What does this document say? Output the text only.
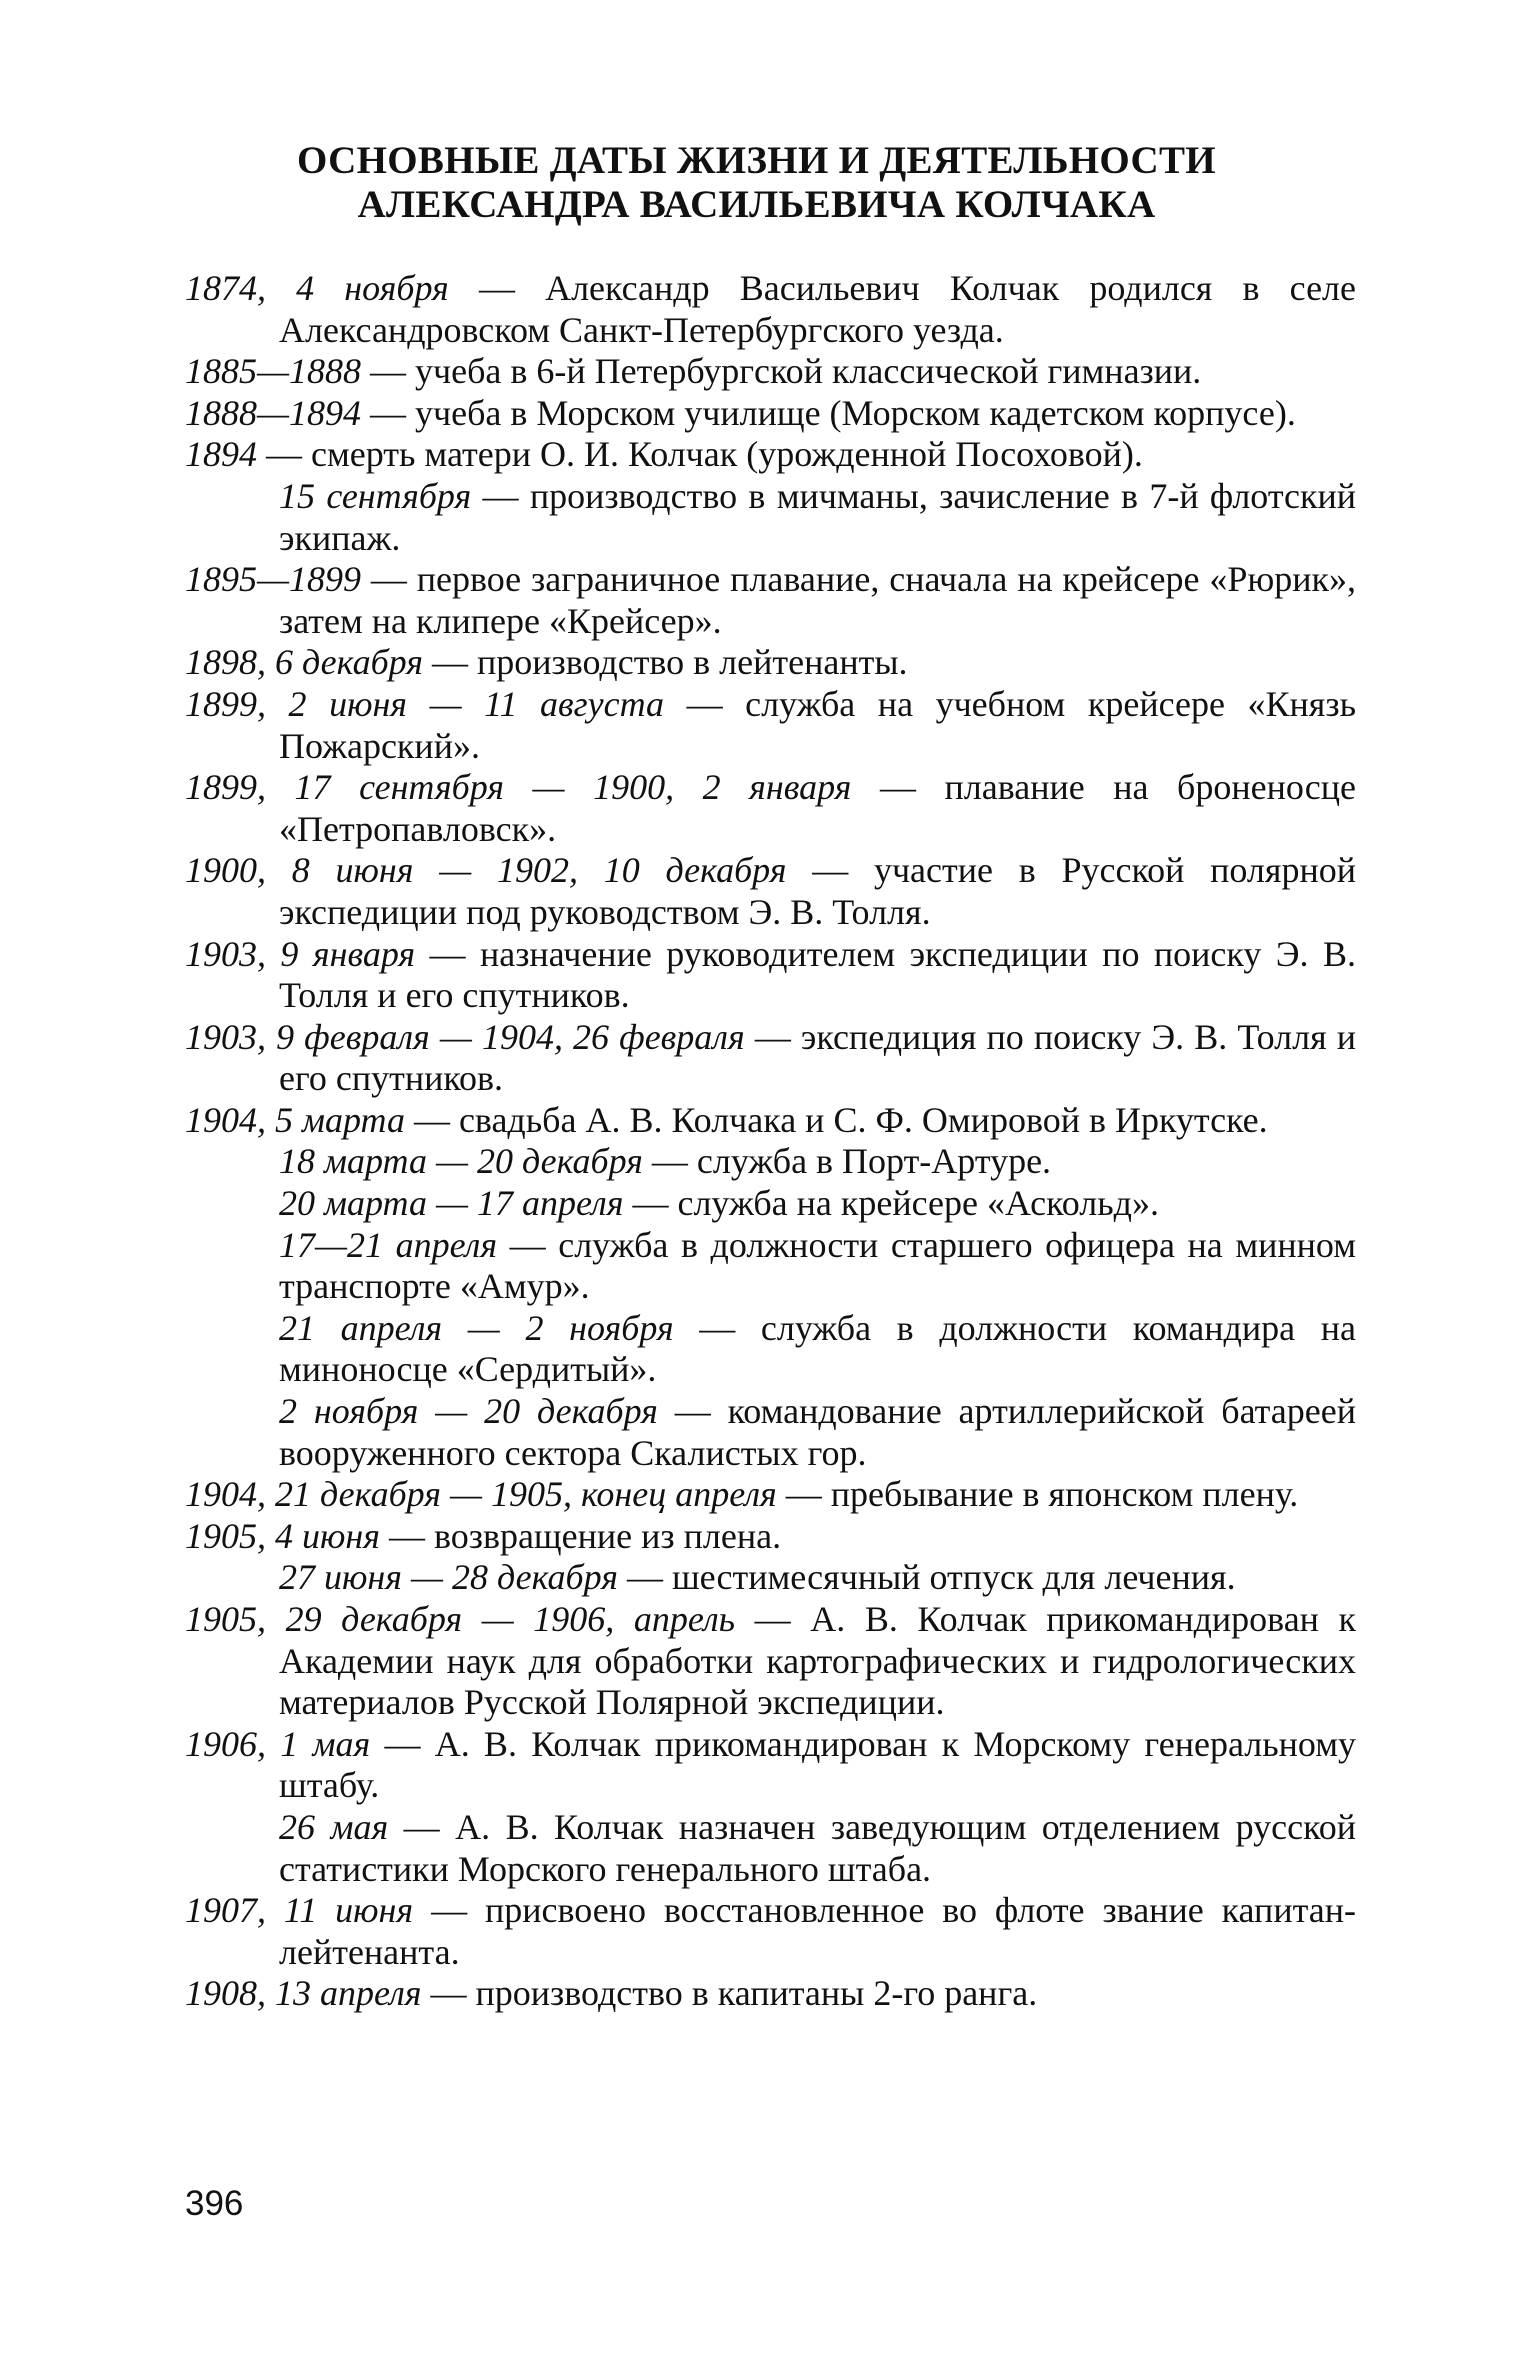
ОСНОВНЫЕ ДАТЫ ЖИЗНИ И ДЕЯТЕЛЬНОСТИ
АЛЕКСАНДРА ВАСИЛЬЕВИЧА КОЛЧАКА
1874, 4 ноября — Александр Васильевич Колчак родился в селе Александровском Санкт-Петербургского уезда.
1885—1888 — учеба в 6-й Петербургской классической гимназии.
1888—1894 — учеба в Морском училище (Морском кадетском корпусе).
1894 — смерть матери О. И. Колчак (урожденной Посоховой).
15 сентября — производство в мичманы, зачисление в 7-й флотский экипаж.
1895—1899 — первое заграничное плавание, сначала на крейсере «Рюрик», затем на клипере «Крейсер».
1898, 6 декабря — производство в лейтенанты.
1899, 2 июня — 11 августа — служба на учебном крейсере «Князь Пожарский».
1899, 17 сентября — 1900, 2 января — плавание на броненосце «Петропавловск».
1900, 8 июня — 1902, 10 декабря — участие в Русской полярной экспедиции под руководством Э. В. Толля.
1903, 9 января — назначение руководителем экспедиции по поиску Э. В. Толля и его спутников.
1903, 9 февраля — 1904, 26 февраля — экспедиция по поиску Э. В. Толля и его спутников.
1904, 5 марта — свадьба А. В. Колчака и С. Ф. Омировой в Иркутске.
18 марта — 20 декабря — служба в Порт-Артуре.
20 марта — 17 апреля — служба на крейсере «Аскольд».
17—21 апреля — служба в должности старшего офицера на минном транспорте «Амур».
21 апреля — 2 ноября — служба в должности командира на миноносце «Сердитый».
2 ноября — 20 декабря — командование артиллерийской батареей вооруженного сектора Скалистых гор.
1904, 21 декабря — 1905, конец апреля — пребывание в японском плену.
1905, 4 июня — возвращение из плена.
27 июня — 28 декабря — шестимесячный отпуск для лечения.
1905, 29 декабря — 1906, апрель — А. В. Колчак прикомандирован к Академии наук для обработки картографических и гидрологических материалов Русской Полярной экспедиции.
1906, 1 мая — А. В. Колчак прикомандирован к Морскому генеральному штабу.
26 мая — А. В. Колчак назначен заведующим отделением русской статистики Морского генерального штаба.
1907, 11 июня — присвоено восстановленное во флоте звание капитан-лейтенанта.
1908, 13 апреля — производство в капитаны 2-го ранга.
396
